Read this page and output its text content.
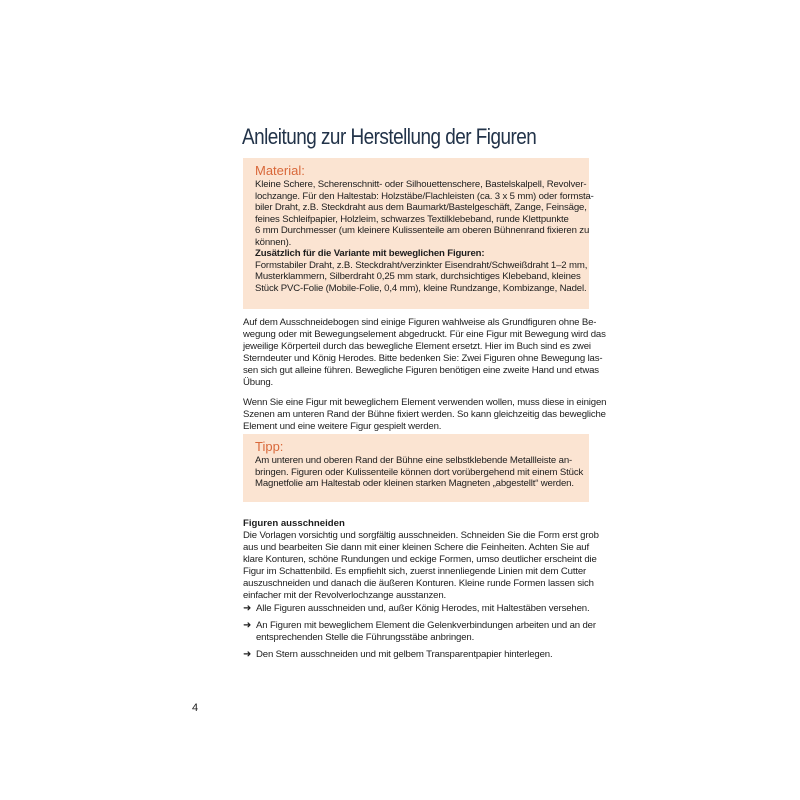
Anleitung zur Herstellung der Figuren
Material:
Kleine Schere, Scherenschnitt- oder Silhouettenschere, Bastelskalpell, Revolver-
lochzange. Für den Haltestab: Holzstäbe/Flachleisten (ca. 3 x 5 mm) oder formsta-
biler Draht, z.B. Steckdraht aus dem Baumarkt/Bastelgeschäft, Zange, Feinsäge,
feines Schleifpapier, Holzleim, schwarzes Textilklebeband, runde Klettpunkte
6 mm Durchmesser (um kleinere Kulissenteile am oberen Bühnenrand fixieren zu
können).
Zusätzlich für die Variante mit beweglichen Figuren:
Formstabiler Draht, z.B. Steckdraht/verzinkter Eisendraht/Schweißdraht 1–2 mm,
Musterklammern, Silberdraht 0,25 mm stark, durchsichtiges Klebeband, kleines
Stück PVC-Folie (Mobile-Folie, 0,4 mm), kleine Rundzange, Kombizange, Nadel.
Auf dem Ausschneidebogen sind einige Figuren wahlweise als Grundfiguren ohne Be-
wegung oder mit Bewegungselement abgedruckt. Für eine Figur mit Bewegung wird das
jeweilige Körperteil durch das bewegliche Element ersetzt. Hier im Buch sind es zwei
Sterndeuter und König Herodes. Bitte bedenken Sie: Zwei Figuren ohne Bewegung las-
sen sich gut alleine führen. Bewegliche Figuren benötigen eine zweite Hand und etwas
Übung.
Wenn Sie eine Figur mit beweglichem Element verwenden wollen, muss diese in einigen
Szenen am unteren Rand der Bühne fixiert werden. So kann gleichzeitig das bewegliche
Element und eine weitere Figur gespielt werden.
Tipp:
Am unteren und oberen Rand der Bühne eine selbstklebende Metallleiste an-
bringen. Figuren oder Kulissenteile können dort vorübergehend mit einem Stück
Magnetfolie am Haltestab oder kleinen starken Magneten „abgestellt“ werden.
Figuren ausschneiden
Die Vorlagen vorsichtig und sorgfältig ausschneiden. Schneiden Sie die Form erst grob
aus und bearbeiten Sie dann mit einer kleinen Schere die Feinheiten. Achten Sie auf
klare Konturen, schöne Rundungen und eckige Formen, umso deutlicher erscheint die
Figur im Schattenbild. Es empfiehlt sich, zuerst innenliegende Linien mit dem Cutter
auszuschneiden und danach die äußeren Konturen. Kleine runde Formen lassen sich
einfacher mit der Revolverlochzange ausstanzen.
➜ Alle Figuren ausschneiden und, außer König Herodes, mit Haltestäben versehen.
➜ An Figuren mit beweglichem Element die Gelenkverbindungen arbeiten und an der
entsprechenden Stelle die Führungsstäbe anbringen.
➜ Den Stern ausschneiden und mit gelbem Transparentpapier hinterlegen.
4
